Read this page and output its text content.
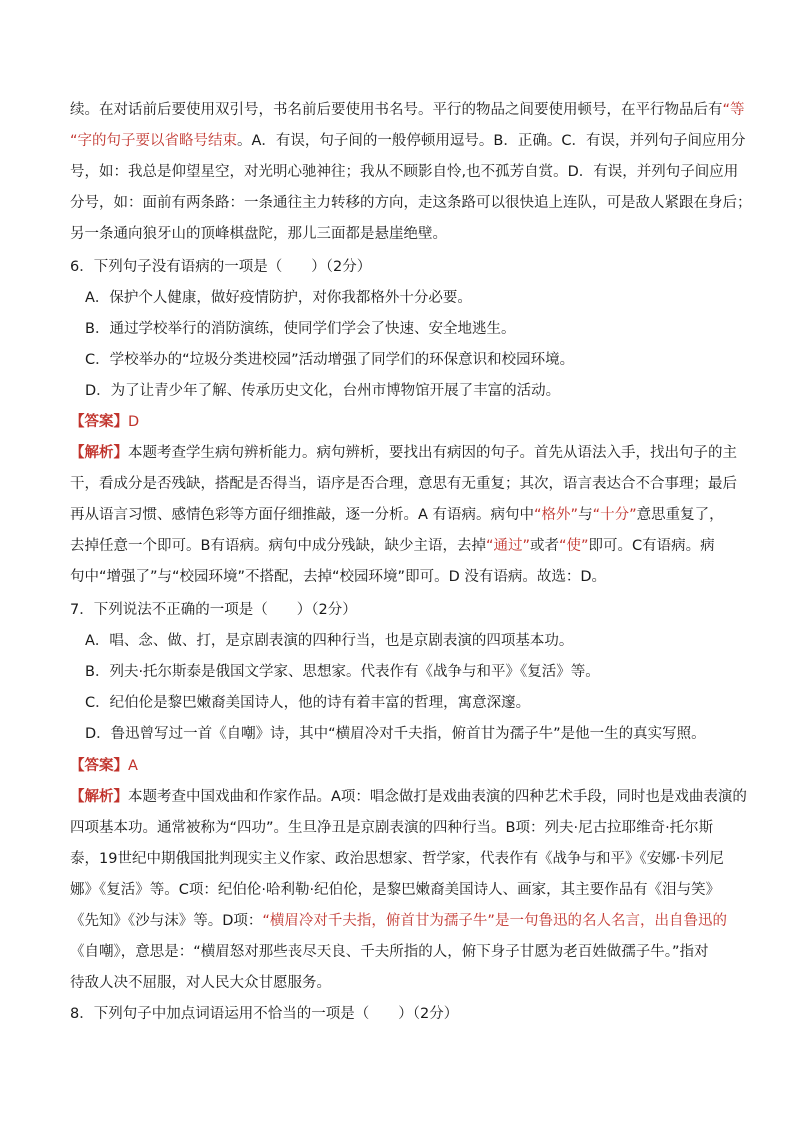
续。在对话前后要使用双引号，书名前后要使用书名号。平行的物品之间要使用顿号，在平行物品后有“等
“字的句子要以省略号结束。A．有误，句子间的一般停顿用逗号。B．正确。C．有误，并列句子间应用分
号，如：我总是仰望星空，对光明心驰神往；我从不顾影自怜,也不孤芳自赏。D．有误，并列句子间应用
分号，如：面前有两条路：一条通往主力转移的方向，走这条路可以很快追上连队，可是敌人紧跟在身后；
另一条通向狼牙山的顶峰棋盘陀，那儿三面都是悬崖绝壁。
6．下列句子没有语病的一项是（　　）（2分）
A．保护个人健康，做好疫情防护，对你我都格外十分必要。
B．通过学校举行的消防演练，使同学们学会了快速、安全地逃生。
C．学校举办的“垃圾分类进校园”活动增强了同学们的环保意识和校园环境。
D．为了让青少年了解、传承历史文化，台州市博物馆开展了丰富的活动。
【答案】D
【解析】本题考查学生病句辨析能力。病句辨析，要找出有病因的句子。首先从语法入手，找出句子的主
干，看成分是否残缺，搭配是否得当，语序是否合理，意思有无重复；其次，语言表达合不合事理；最后
再从语言习惯、感情色彩等方面仔细推敲，逐一分析。A 有语病。病句中“格外”与“十分”意思重复了，
去掉任意一个即可。B有语病。病句中成分残缺，缺少主语，去掉“通过”或者“使”即可。C有语病。病
句中“增强了”与“校园环境”不搭配，去掉“校园环境”即可。D 没有语病。故选：D。
7．下列说法不正确的一项是（　　）（2分）
A．唱、念、做、打，是京剧表演的四种行当，也是京剧表演的四项基本功。
B．列夫·托尔斯泰是俄国文学家、思想家。代表作有《战争与和平》《复活》等。
C．纪伯伦是黎巴嫩裔美国诗人，他的诗有着丰富的哲理，寓意深邃。
D．鲁迅曾写过一首《自嘲》诗，其中“横眉冷对千夫指，俯首甘为孺子牛”是他一生的真实写照。
【答案】A
【解析】本题考查中国戏曲和作家作品。A项：唱念做打是戏曲表演的四种艺术手段，同时也是戏曲表演的
四项基本功。通常被称为“四功”。生旦净丑是京剧表演的四种行当。B项：列夫·尼古拉耶维奇·托尔斯
泰，19世纪中期俄国批判现实主义作家、政治思想家、哲学家，代表作有《战争与和平》《安娜·卡列尼
娜》《复活》等。C项：纪伯伦·哈利勒·纪伯伦，是黎巴嫩裔美国诗人、画家，其主要作品有《泪与笑》
《先知》《沙与沫》等。D项：“横眉冷对千夫指，俯首甘为孺子牛”是一句鲁迅的名人名言，出自鲁迅的
《自嘲》，意思是：“横眉怒对那些丧尽天良、千夫所指的人，俯下身子甘愿为老百姓做孺子牛。”指对
待敌人决不屈服，对人民大众甘愿服务。
8．下列句子中加点词语运用不恰当的一项是（　　）（2分）
